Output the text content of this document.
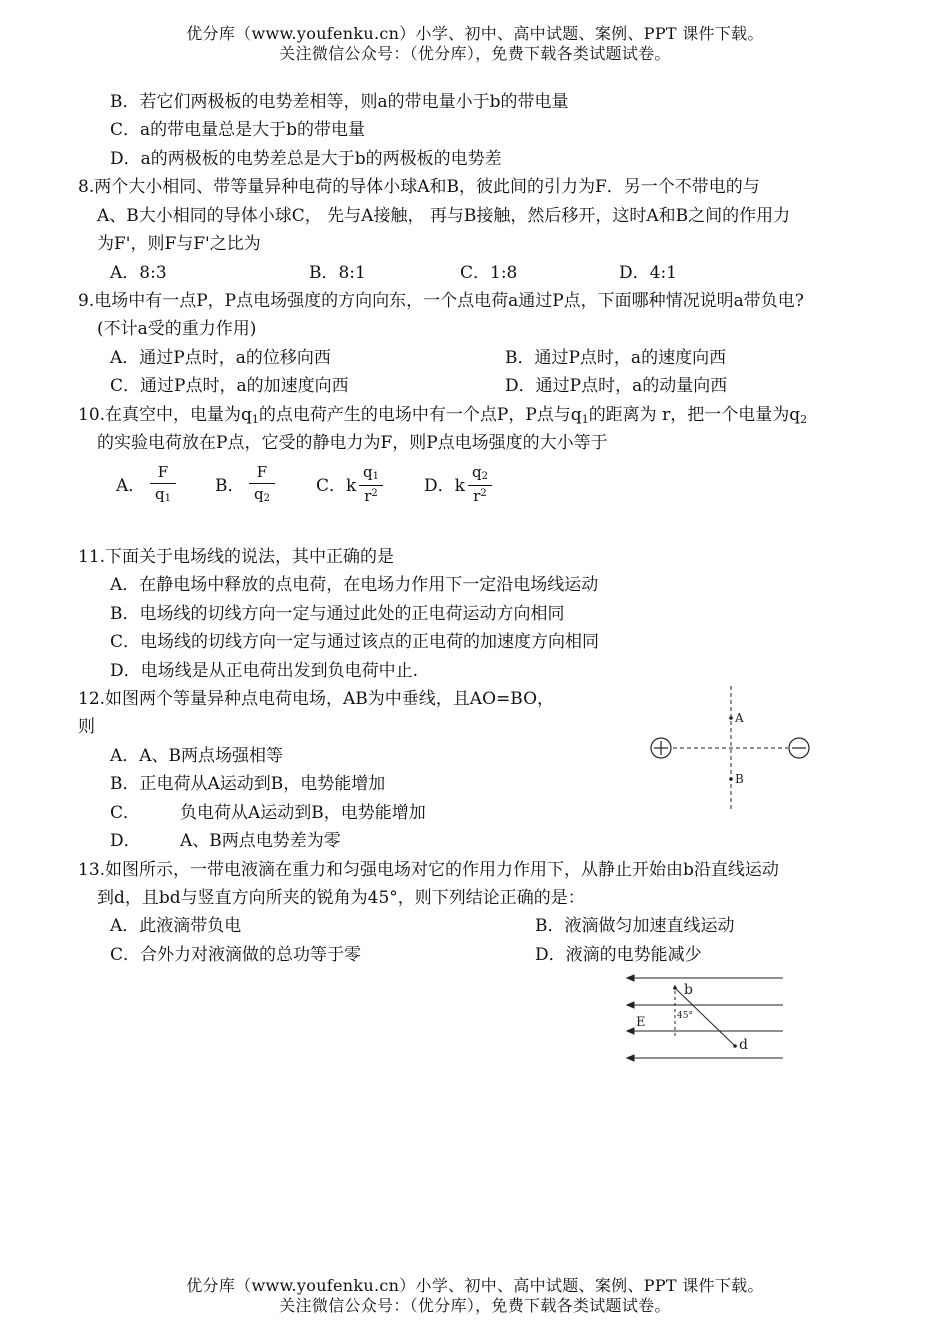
优分库（www.youfenku.cn）小学、初中、高中试题、案例、PPT 课件下载。
关注微信公众号：（优分库），免费下载各类试题试卷。
B．若它们两极板的电势差相等，则a的带电量小于b的带电量
C．a的带电量总是大于b的带电量
D．a的两极板的电势差总是大于b的两极板的电势差
8.两个大小相同、带等量异种电荷的导体小球A和B，彼此间的引力为F．另一个不带电的与
A、B大小相同的导体小球C， 先与A接触， 再与B接触，然后移开，这时A和B之间的作用力
为F'，则F与F'之比为
A．8:3	B．8:1	C．1:8	D．4:1
9.电场中有一点P，P点电场强度的方向向东，一个点电荷a通过P点，下面哪种情况说明a带负电?
(不计a受的重力作用)
A．通过P点时，a的位移向西	B．通过P点时，a的速度向西
C．通过P点时，a的加速度向西	D．通过P点时，a的动量向西
10.在真空中，电量为$q_1$的点电荷产生的电场中有一个点P，P点与$q_1$的距离为 r，把一个电量为$q_2$
的实验电荷放在P点，它受的静电力为F，则P点电场强度的大小等于
A． $\frac{F}{q_1}$ B． $\frac{F}{q_2}$ C．k $\frac{q_1}{r^2}$ D．k $\frac{q_2}{r^2}$
11.下面关于电场线的说法，其中正确的是
A．在静电场中释放的点电荷，在电场力作用下一定沿电场线运动
B．电场线的切线方向一定与通过此处的正电荷运动方向相同
C．电场线的切线方向一定与通过该点的正电荷的加速度方向相同
D．电场线是从正电荷出发到负电荷中止.
12.如图两个等量异种点电荷电场，AB为中垂线，且AO=BO，
则
A．A、B两点场强相等
B．正电荷从A运动到B，电势能增加
C． 负电荷从A运动到B，电势能增加
D． A、B两点电势差为零
A
B
13.如图所示，一带电液滴在重力和匀强电场对它的作用力作用下，从静止开始由b沿直线运动
到d，且bd与竖直方向所夹的锐角为45°，则下列结论正确的是：
A．此液滴带负电	B．液滴做匀加速直线运动
C．合外力对液滴做的总功等于零	D．液滴的电势能减少
b
d
E	45°
优分库（www.youfenku.cn）小学、初中、高中试题、案例、PPT 课件下载。
关注微信公众号：（优分库），免费下载各类试题试卷。
